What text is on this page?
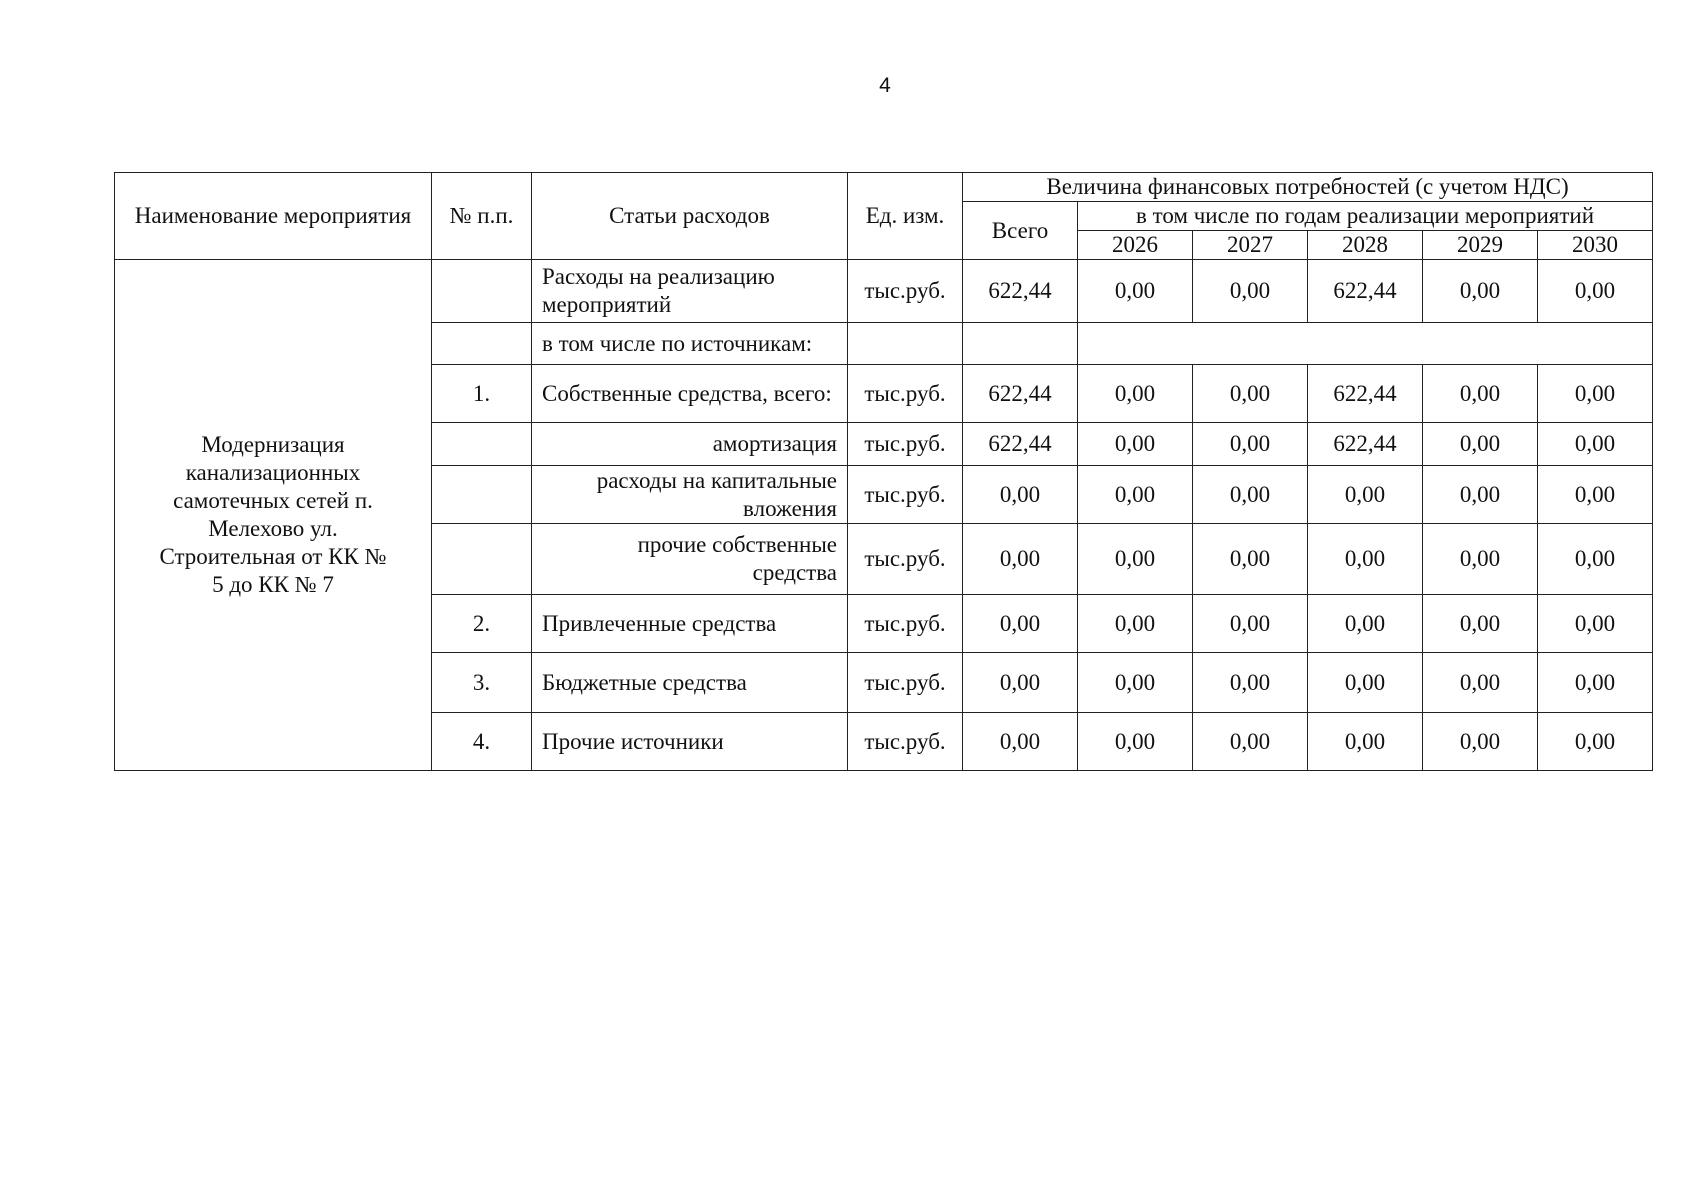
4
Наименование мероприятия	№ п.п.	Статьи расходов	Ед. изм.	Величина финансовых потребностей (с учетом НДС)					
				Всего	в том числе по годам реализации мероприятий				
					2026	2027	2028	2029	2030

Модернизация канализационных самотечных сетей п. Мелехово ул. Строительная от КК № 5 до КК № 7		Расходы на реализацию мероприятий	тыс.руб.	622,44	0,00	0,00	622,44	0,00	0,00
		в том числе по источникам:							
	1.	Собственные средства, всего:	тыс.руб.	622,44	0,00	0,00	622,44	0,00	0,00
		амортизация	тыс.руб.	622,44	0,00	0,00	622,44	0,00	0,00

		расходы на капитальные вложения	тыс.руб.	0,00	0,00	0,00	0,00	0,00	0,00

		прочие собственные средства	тыс.руб.	0,00	0,00	0,00	0,00	0,00	0,00
	2.	Привлеченные средства	тыс.руб.	0,00	0,00	0,00	0,00	0,00	0,00
	3.	Бюджетные средства	тыс.руб.	0,00	0,00	0,00	0,00	0,00	0,00
	4.	Прочие источники	тыс.руб.	0,00	0,00	0,00	0,00	0,00	0,00
